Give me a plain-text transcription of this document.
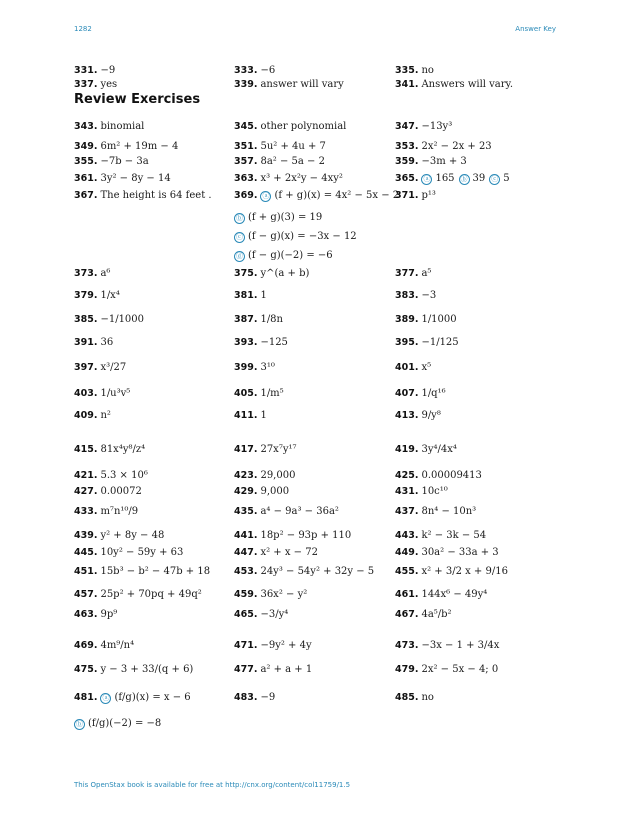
1282	Answer Key
Review Exercises
This OpenStax book is available for free at http://cnx.org/content/col11759/1.5
331. −9	333. −6	335. no
337. yes	339. answer will vary	341. Answers will vary.
343. binomial	345. other polynomial	347. −13y³
349. 6m² + 19m − 4	351. 5u² + 4u + 7	353. 2x² − 2x + 23
355. −7b − 3a	357. 8a² − 5a − 2	359. −3m + 3
361. 3y² − 8y − 14	363. x³ + 2x²y − 4xy²	365. ⓐ 165 ⓑ 39 ⓒ 5
367. The height is 64 feet . 369. ⓐ (f + g)(x) = 4x² − 5x − 2
ⓑ (f + g)(3) = 19
ⓒ (f − g)(x) = −3x − 12
ⓓ (f − g)(−2) = −6
371. p¹³
373. a⁶	375. y^(a + b)	377. a⁵
379. 1/x⁴	381. 1	383. −3
385. −1/1000	387. 1/8n	389. 1/1000
391. 36	393. −125	395. −1/125
397. x³/27	399. 3¹⁰	401. x⁵
403. 1/u³v⁵	405. 1/m⁵	407. 1/q¹⁶
409. n²	411. 1	413. 9/y⁸
415. 81x⁴y⁸/z⁴	417. 27x⁷y¹⁷	419. 3y⁴/4x⁴
421. 5.3 × 10⁶	423. 29,000	425. 0.00009413
427. 0.00072	429. 9,000	431. 10c¹⁰
433. m⁷n¹⁰/9	435. a⁴ − 9a³ − 36a²	437. 8n⁴ − 10n³
439. y² + 8y − 48	441. 18p² − 93p + 110	443. k² − 3k − 54
445. 10y² − 59y + 63	447. x² + x − 72	449. 30a² − 33a + 3
451. 15b³ − b² − 47b + 18	453. 24y³ − 54y² + 32y − 5 455. x² + 3/2 x + 9/16
457. 25p² + 70pq + 49q²	459. 36x² − y²	461. 144x⁶ − 49y⁴
463. 9p⁹	465. −3/y⁴	467. 4a⁵/b²
469. 4m⁹/n⁴	471. −9y² + 4y	473. −3x − 1 + 3/4x
475. y − 3 + 33/(q + 6)	477. a² + a + 1	479. 2x² − 5x − 4; 0
481. ⓐ (f/g)(x) = x − 6
ⓑ (f/g)(−2) = −8
483. −9	485. no
